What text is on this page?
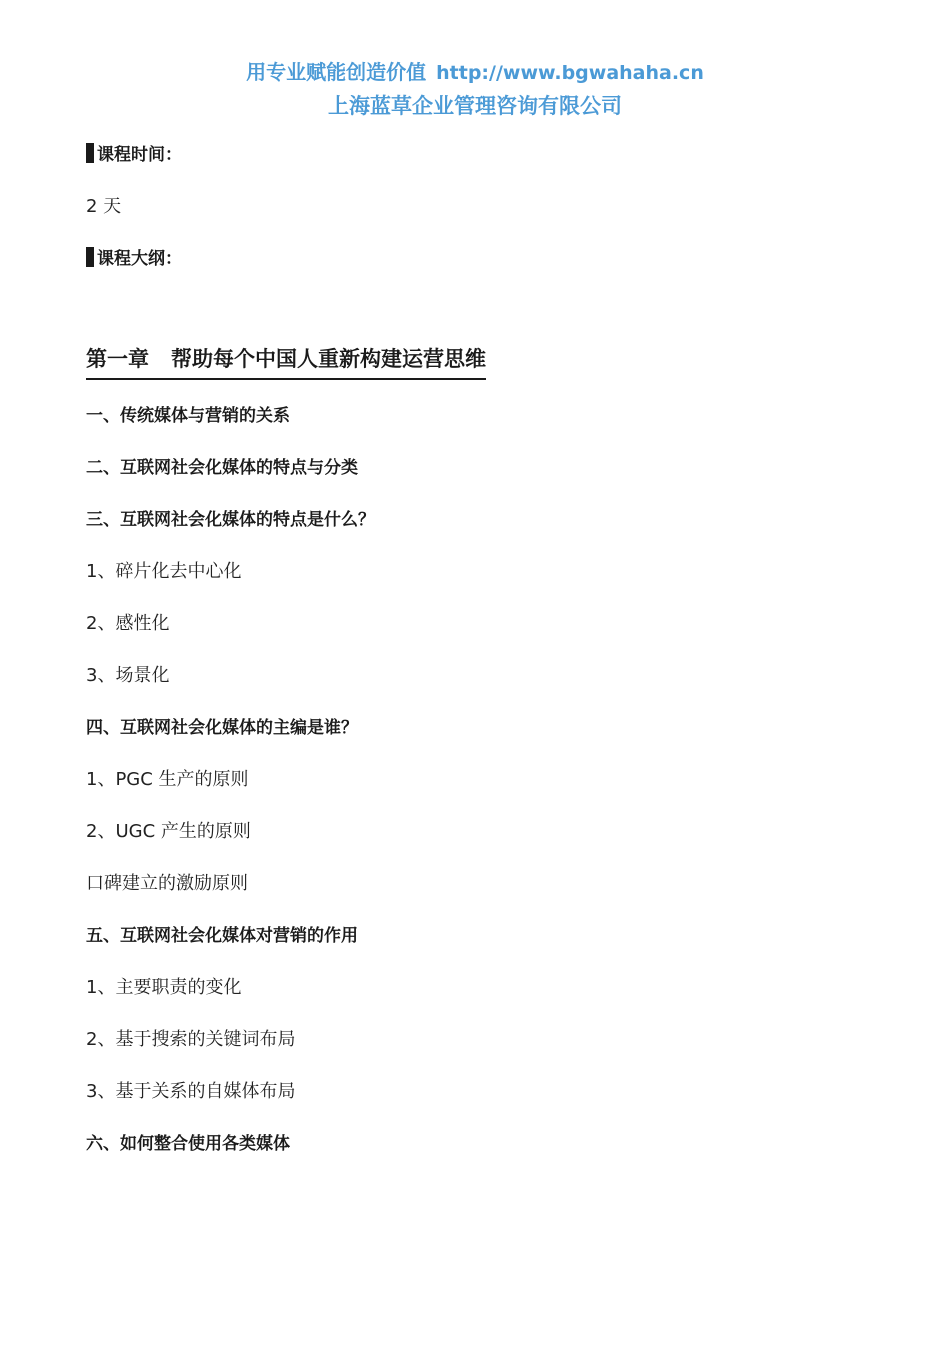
用专业赋能创造价值 http://www.bgwahaha.cn
上海蓝草企业管理咨询有限公司
课程时间：
2 天
课程大纲：
第一章 帮助每个中国人重新构建运营思维
一、传统媒体与营销的关系
二、互联网社会化媒体的特点与分类
三、互联网社会化媒体的特点是什么？
1、碎片化去中心化
2、感性化
3、场景化
四、互联网社会化媒体的主编是谁？
1、PGC 生产的原则
2、UGC 产生的原则
口碑建立的激励原则
五、互联网社会化媒体对营销的作用
1、主要职责的变化
2、基于搜索的关键词布局
3、基于关系的自媒体布局
六、如何整合使用各类媒体
